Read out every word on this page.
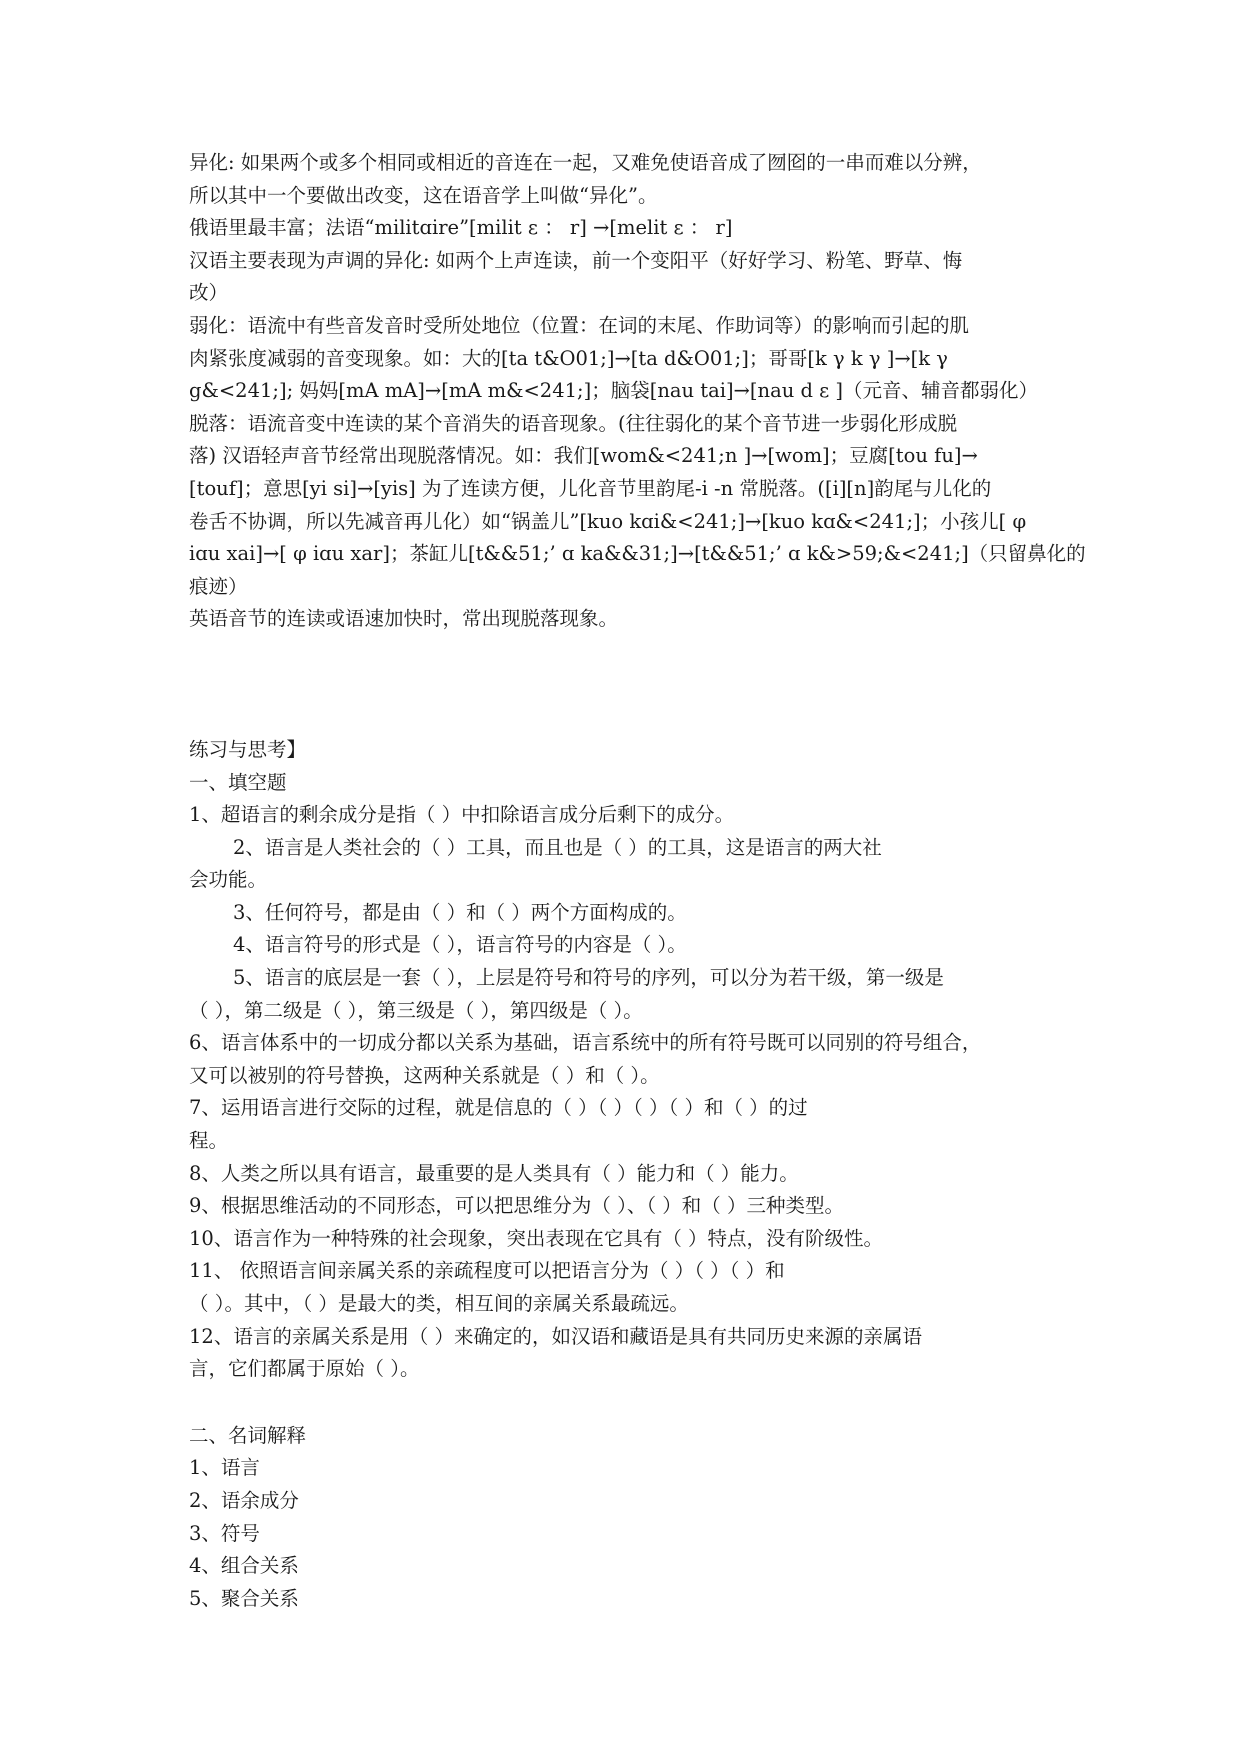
异化: 如果两个或多个相同或相近的音连在一起，又难免使语音成了囫囵的一串而难以分辨，
所以其中一个要做出改变，这在语音学上叫做“异化”。
俄语里最丰富；法语“militɑire”[milit ε ： r] →[melit ε ： r]
汉语主要表现为声调的异化: 如两个上声连读，前一个变阳平（好好学习、粉笔、野草、悔
改）
弱化：语流中有些音发音时受所处地位（位置：在词的末尾、作助词等）的影响而引起的肌
肉紧张度减弱的音变现象。如：大的[ta t&O01;]→[ta d&O01;]；哥哥[k γ k γ ]→[k γ
g&<241;]; 妈妈[mA mA]→[mA m&<241;]；脑袋[nau tai]→[nau d ε ]（元音、辅音都弱化）
脱落：语流音变中连读的某个音消失的语音现象。(往往弱化的某个音节进一步弱化形成脱
落) 汉语轻声音节经常出现脱落情况。如：我们[wom&<241;n ]→[wom]；豆腐[tou fu]→
[touf]；意思[yi si]→[yis] 为了连读方便，儿化音节里韵尾-i -n 常脱落。([i][n]韵尾与儿化的
卷舌不协调，所以先减音再儿化）如“锅盖儿”[kuo kɑi&<241;]→[kuo kɑ&<241;]；小孩儿[ φ
iɑu xai]→[ φ iɑu xar]；茶缸儿[t&&51;’ ɑ ka&&31;]→[t&&51;’ ɑ k&>59;&<241;]（只留鼻化的
痕迹）
英语音节的连读或语速加快时，常出现脱落现象。
练习与思考】
一、填空题
1、超语言的剩余成分是指（ ）中扣除语言成分后剩下的成分。
2、语言是人类社会的（ ）工具，而且也是（ ）的工具，这是语言的两大社
会功能。
3、任何符号，都是由（ ）和（ ）两个方面构成的。
4、语言符号的形式是（ ），语言符号的内容是（ ）。
5、语言的底层是一套（ ），上层是符号和符号的序列，可以分为若干级，第一级是
（ ），第二级是（ ），第三级是（ ），第四级是（ ）。
6、语言体系中的一切成分都以关系为基础，语言系统中的所有符号既可以同别的符号组合，
又可以被别的符号替换，这两种关系就是（ ）和（ ）。
7、运用语言进行交际的过程，就是信息的（ ）（ ）（ ）（ ）和（ ）的过
程。
8、人类之所以具有语言，最重要的是人类具有（ ）能力和（ ）能力。
9、根据思维活动的不同形态，可以把思维分为（ ）、（ ）和（ ）三种类型。
10、语言作为一种特殊的社会现象，突出表现在它具有（ ）特点，没有阶级性。
11、 依照语言间亲属关系的亲疏程度可以把语言分为（ ）（ ）（ ）和
（ ）。其中，（ ）是最大的类，相互间的亲属关系最疏远。
12、语言的亲属关系是用（ ）来确定的，如汉语和藏语是具有共同历史来源的亲属语
言，它们都属于原始（ ）。
二、名词解释
1、语言
2、语余成分
3、符号
4、组合关系
5、聚合关系
